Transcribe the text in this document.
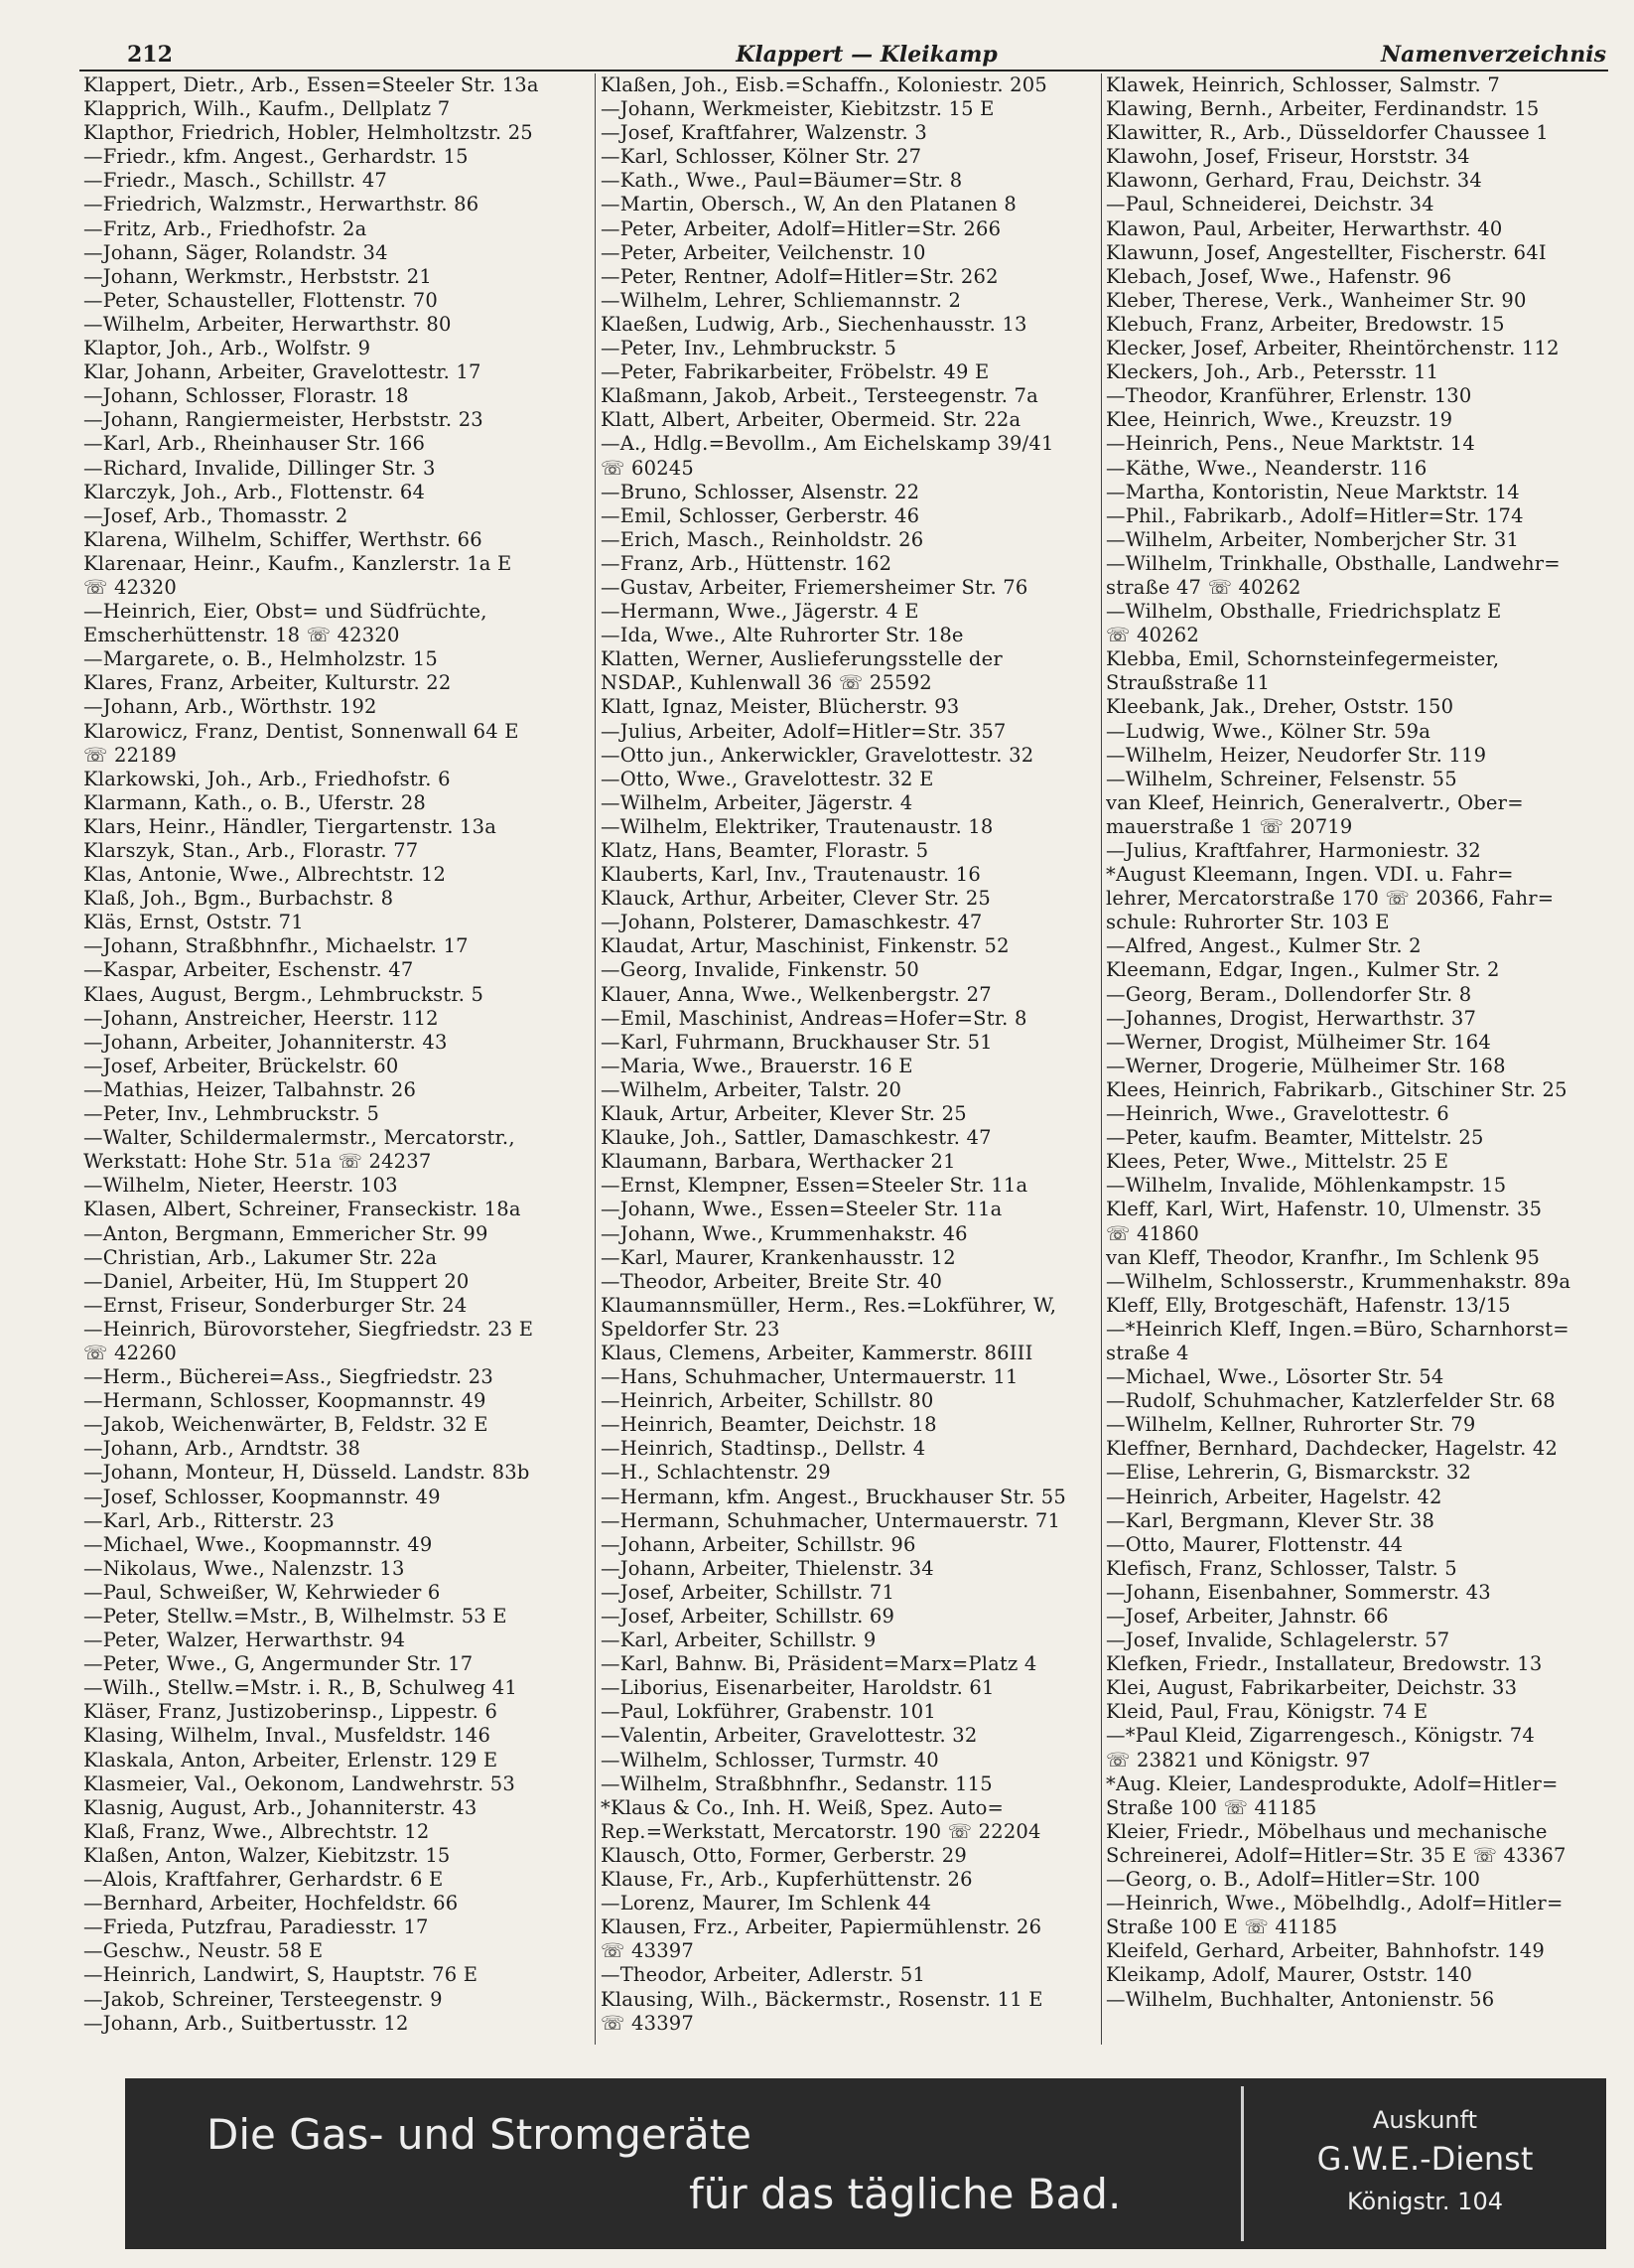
212	Klappert — Kleikamp	Namenverzeichnis
Klappert, Dietr., Arb., Essen=Steeler Str. 13a
Klapprich, Wilh., Kaufm., Dellplatz 7
Klapthor, Friedrich, Hobler, Helmholtzstr. 25
—Friedr., kfm. Angest., Gerhardstr. 15
—Friedr., Masch., Schillstr. 47
—Friedrich, Walzmstr., Herwarthstr. 86
—Fritz, Arb., Friedhofstr. 2a
—Johann, Säger, Rolandstr. 34
—Johann, Werkmstr., Herbststr. 21
—Peter, Schausteller, Flottenstr. 70
—Wilhelm, Arbeiter, Herwarthstr. 80
Klaptor, Joh., Arb., Wolfstr. 9
Klar, Johann, Arbeiter, Gravelottestr. 17
—Johann, Schlosser, Florastr. 18
—Johann, Rangiermeister, Herbststr. 23
—Karl, Arb., Rheinhauser Str. 166
—Richard, Invalide, Dillinger Str. 3
Klarczyk, Joh., Arb., Flottenstr. 64
—Josef, Arb., Thomasstr. 2
Klarena, Wilhelm, Schiffer, Werthstr. 66
Klarenaar, Heinr., Kaufm., Kanzlerstr. 1a E
☏ 42320
—Heinrich, Eier, Obst= und Südfrüchte,
Emscherhüttenstr. 18 ☏ 42320
—Margarete, o. B., Helmholzstr. 15
Klares, Franz, Arbeiter, Kulturstr. 22
—Johann, Arb., Wörthstr. 192
Klarowicz, Franz, Dentist, Sonnenwall 64 E
☏ 22189
Klarkowski, Joh., Arb., Friedhofstr. 6
Klarmann, Kath., o. B., Uferstr. 28
Klars, Heinr., Händler, Tiergartenstr. 13a
Klarszyk, Stan., Arb., Florastr. 77
Klas, Antonie, Wwe., Albrechtstr. 12
Klaß, Joh., Bgm., Burbachstr. 8
Kläs, Ernst, Oststr. 71
—Johann, Straßbhnfhr., Michaelstr. 17
—Kaspar, Arbeiter, Eschenstr. 47
Klaes, August, Bergm., Lehmbruckstr. 5
—Johann, Anstreicher, Heerstr. 112
—Johann, Arbeiter, Johanniterstr. 43
—Josef, Arbeiter, Brückelstr. 60
—Mathias, Heizer, Talbahnstr. 26
—Peter, Inv., Lehmbruckstr. 5
—Walter, Schildermalermstr., Mercatorstr.,
Werkstatt: Hohe Str. 51a ☏ 24237
—Wilhelm, Nieter, Heerstr. 103
Klasen, Albert, Schreiner, Franseckistr. 18a
—Anton, Bergmann, Emmericher Str. 99
—Christian, Arb., Lakumer Str. 22a
—Daniel, Arbeiter, Hü, Im Stuppert 20
—Ernst, Friseur, Sonderburger Str. 24
—Heinrich, Bürovorsteher, Siegfriedstr. 23 E
☏ 42260
—Herm., Bücherei=Ass., Siegfriedstr. 23
—Hermann, Schlosser, Koopmannstr. 49
—Jakob, Weichenwärter, B, Feldstr. 32 E
—Johann, Arb., Arndtstr. 38
—Johann, Monteur, H, Düsseld. Landstr. 83b
—Josef, Schlosser, Koopmannstr. 49
—Karl, Arb., Ritterstr. 23
—Michael, Wwe., Koopmannstr. 49
—Nikolaus, Wwe., Nalenzstr. 13
—Paul, Schweißer, W, Kehrwieder 6
—Peter, Stellw.=Mstr., B, Wilhelmstr. 53 E
—Peter, Walzer, Herwarthstr. 94
—Peter, Wwe., G, Angermunder Str. 17
—Wilh., Stellw.=Mstr. i. R., B, Schulweg 41
Kläser, Franz, Justizoberinsp., Lippestr. 6
Klasing, Wilhelm, Inval., Musfeldstr. 146
Klaskala, Anton, Arbeiter, Erlenstr. 129 E
Klasmeier, Val., Oekonom, Landwehrstr. 53
Klasnig, August, Arb., Johanniterstr. 43
Klaß, Franz, Wwe., Albrechtstr. 12
Klaßen, Anton, Walzer, Kiebitzstr. 15
—Alois, Kraftfahrer, Gerhardstr. 6 E
—Bernhard, Arbeiter, Hochfeldstr. 66
—Frieda, Putzfrau, Paradiesstr. 17
—Geschw., Neustr. 58 E
—Heinrich, Landwirt, S, Hauptstr. 76 E
—Jakob, Schreiner, Tersteegenstr. 9
—Johann, Arb., Suitbertusstr. 12
Klaßen, Joh., Eisb.=Schaffn., Koloniestr. 205
—Johann, Werkmeister, Kiebitzstr. 15 E
—Josef, Kraftfahrer, Walzenstr. 3
—Karl, Schlosser, Kölner Str. 27
—Kath., Wwe., Paul=Bäumer=Str. 8
—Martin, Obersch., W, An den Platanen 8
—Peter, Arbeiter, Adolf=Hitler=Str. 266
—Peter, Arbeiter, Veilchenstr. 10
—Peter, Rentner, Adolf=Hitler=Str. 262
—Wilhelm, Lehrer, Schliemannstr. 2
Klaeßen, Ludwig, Arb., Siechenhausstr. 13
—Peter, Inv., Lehmbruckstr. 5
—Peter, Fabrikarbeiter, Fröbelstr. 49 E
Klaßmann, Jakob, Arbeit., Tersteegenstr. 7a
Klatt, Albert, Arbeiter, Obermeid. Str. 22a
—A., Hdlg.=Bevollm., Am Eichelskamp 39/41
☏ 60245
—Bruno, Schlosser, Alsenstr. 22
—Emil, Schlosser, Gerberstr. 46
—Erich, Masch., Reinholdstr. 26
—Franz, Arb., Hüttenstr. 162
—Gustav, Arbeiter, Friemersheimer Str. 76
—Hermann, Wwe., Jägerstr. 4 E
—Ida, Wwe., Alte Ruhrorter Str. 18e
Klatten, Werner, Auslieferungsstelle der
NSDAP., Kuhlenwall 36 ☏ 25592
Klatt, Ignaz, Meister, Blücherstr. 93
—Julius, Arbeiter, Adolf=Hitler=Str. 357
—Otto jun., Ankerwickler, Gravelottestr. 32
—Otto, Wwe., Gravelottestr. 32 E
—Wilhelm, Arbeiter, Jägerstr. 4
—Wilhelm, Elektriker, Trautenaustr. 18
Klatz, Hans, Beamter, Florastr. 5
Klauberts, Karl, Inv., Trautenaustr. 16
Klauck, Arthur, Arbeiter, Clever Str. 25
—Johann, Polsterer, Damaschkestr. 47
Klaudat, Artur, Maschinist, Finkenstr. 52
—Georg, Invalide, Finkenstr. 50
Klauer, Anna, Wwe., Welkenbergstr. 27
—Emil, Maschinist, Andreas=Hofer=Str. 8
—Karl, Fuhrmann, Bruckhauser Str. 51
—Maria, Wwe., Brauerstr. 16 E
—Wilhelm, Arbeiter, Talstr. 20
Klauk, Artur, Arbeiter, Klever Str. 25
Klauke, Joh., Sattler, Damaschkestr. 47
Klaumann, Barbara, Werthacker 21
—Ernst, Klempner, Essen=Steeler Str. 11a
—Johann, Wwe., Essen=Steeler Str. 11a
—Johann, Wwe., Krummenhakstr. 46
—Karl, Maurer, Krankenhausstr. 12
—Theodor, Arbeiter, Breite Str. 40
Klaumannsmüller, Herm., Res.=Lokführer, W,
Speldorfer Str. 23
Klaus, Clemens, Arbeiter, Kammerstr. 86III
—Hans, Schuhmacher, Untermauerstr. 11
—Heinrich, Arbeiter, Schillstr. 80
—Heinrich, Beamter, Deichstr. 18
—Heinrich, Stadtinsp., Dellstr. 4
—H., Schlachtenstr. 29
—Hermann, kfm. Angest., Bruckhauser Str. 55
—Hermann, Schuhmacher, Untermauerstr. 71
—Johann, Arbeiter, Schillstr. 96
—Johann, Arbeiter, Thielenstr. 34
—Josef, Arbeiter, Schillstr. 71
—Josef, Arbeiter, Schillstr. 69
—Karl, Arbeiter, Schillstr. 9
—Karl, Bahnw. Bi, Präsident=Marx=Platz 4
—Liborius, Eisenarbeiter, Haroldstr. 61
—Paul, Lokführer, Grabenstr. 101
—Valentin, Arbeiter, Gravelottestr. 32
—Wilhelm, Schlosser, Turmstr. 40
—Wilhelm, Straßbhnfhr., Sedanstr. 115
*Klaus & Co., Inh. H. Weiß, Spez. Auto=
Rep.=Werkstatt, Mercatorstr. 190 ☏ 22204
Klausch, Otto, Former, Gerberstr. 29
Klause, Fr., Arb., Kupferhüttenstr. 26
—Lorenz, Maurer, Im Schlenk 44
Klausen, Frz., Arbeiter, Papiermühlenstr. 26
☏ 43397
—Theodor, Arbeiter, Adlerstr. 51
Klausing, Wilh., Bäckermstr., Rosenstr. 11 E
☏ 43397
Klawek, Heinrich, Schlosser, Salmstr. 7
Klawing, Bernh., Arbeiter, Ferdinandstr. 15
Klawitter, R., Arb., Düsseldorfer Chaussee 1
Klawohn, Josef, Friseur, Horststr. 34
Klawonn, Gerhard, Frau, Deichstr. 34
—Paul, Schneiderei, Deichstr. 34
Klawon, Paul, Arbeiter, Herwarthstr. 40
Klawunn, Josef, Angestellter, Fischerstr. 64I
Klebach, Josef, Wwe., Hafenstr. 96
Kleber, Therese, Verk., Wanheimer Str. 90
Klebuch, Franz, Arbeiter, Bredowstr. 15
Klecker, Josef, Arbeiter, Rheintörchenstr. 112
Kleckers, Joh., Arb., Petersstr. 11
—Theodor, Kranführer, Erlenstr. 130
Klee, Heinrich, Wwe., Kreuzstr. 19
—Heinrich, Pens., Neue Marktstr. 14
—Käthe, Wwe., Neanderstr. 116
—Martha, Kontoristin, Neue Marktstr. 14
—Phil., Fabrikarb., Adolf=Hitler=Str. 174
—Wilhelm, Arbeiter, Nomberjcher Str. 31
—Wilhelm, Trinkhalle, Obsthalle, Landwehr=
straße 47 ☏ 40262
—Wilhelm, Obsthalle, Friedrichsplatz E
☏ 40262
Klebba, Emil, Schornsteinfegermeister,
Straußstraße 11
Kleebank, Jak., Dreher, Oststr. 150
—Ludwig, Wwe., Kölner Str. 59a
—Wilhelm, Heizer, Neudorfer Str. 119
—Wilhelm, Schreiner, Felsenstr. 55
van Kleef, Heinrich, Generalvertr., Ober=
mauerstraße 1 ☏ 20719
—Julius, Kraftfahrer, Harmoniestr. 32
*August Kleemann, Ingen. VDI. u. Fahr=
lehrer, Mercatorstraße 170 ☏ 20366, Fahr=
schule: Ruhrorter Str. 103 E
—Alfred, Angest., Kulmer Str. 2
Kleemann, Edgar, Ingen., Kulmer Str. 2
—Georg, Beram., Dollendorfer Str. 8
—Johannes, Drogist, Herwarthstr. 37
—Werner, Drogist, Mülheimer Str. 164
—Werner, Drogerie, Mülheimer Str. 168
Klees, Heinrich, Fabrikarb., Gitschiner Str. 25
—Heinrich, Wwe., Gravelottestr. 6
—Peter, kaufm. Beamter, Mittelstr. 25
Klees, Peter, Wwe., Mittelstr. 25 E
—Wilhelm, Invalide, Möhlenkampstr. 15
Kleff, Karl, Wirt, Hafenstr. 10, Ulmenstr. 35
☏ 41860
van Kleff, Theodor, Kranfhr., Im Schlenk 95
—Wilhelm, Schlosserstr., Krummenhakstr. 89a
Kleff, Elly, Brotgeschäft, Hafenstr. 13/15
—*Heinrich Kleff, Ingen.=Büro, Scharnhorst=
straße 4
—Michael, Wwe., Lösorter Str. 54
—Rudolf, Schuhmacher, Katzlerfelder Str. 68
—Wilhelm, Kellner, Ruhrorter Str. 79
Kleffner, Bernhard, Dachdecker, Hagelstr. 42
—Elise, Lehrerin, G, Bismarckstr. 32
—Heinrich, Arbeiter, Hagelstr. 42
—Karl, Bergmann, Klever Str. 38
—Otto, Maurer, Flottenstr. 44
Klefisch, Franz, Schlosser, Talstr. 5
—Johann, Eisenbahner, Sommerstr. 43
—Josef, Arbeiter, Jahnstr. 66
—Josef, Invalide, Schlagelerstr. 57
Klefken, Friedr., Installateur, Bredowstr. 13
Klei, August, Fabrikarbeiter, Deichstr. 33
Kleid, Paul, Frau, Königstr. 74 E
—*Paul Kleid, Zigarrengesch., Königstr. 74
☏ 23821 und Königstr. 97
*Aug. Kleier, Landesprodukte, Adolf=Hitler=
Straße 100 ☏ 41185
Kleier, Friedr., Möbelhaus und mechanische
Schreinerei, Adolf=Hitler=Str. 35 E ☏ 43367
—Georg, o. B., Adolf=Hitler=Str. 100
—Heinrich, Wwe., Möbelhdlg., Adolf=Hitler=
Straße 100 E ☏ 41185
Kleifeld, Gerhard, Arbeiter, Bahnhofstr. 149
Kleikamp, Adolf, Maurer, Oststr. 140
—Wilhelm, Buchhalter, Antonienstr. 56
Die Gas- und Stromgeräte
für das tägliche Bad.
Auskunft
G.W.E.-Dienst
Königstr. 104
